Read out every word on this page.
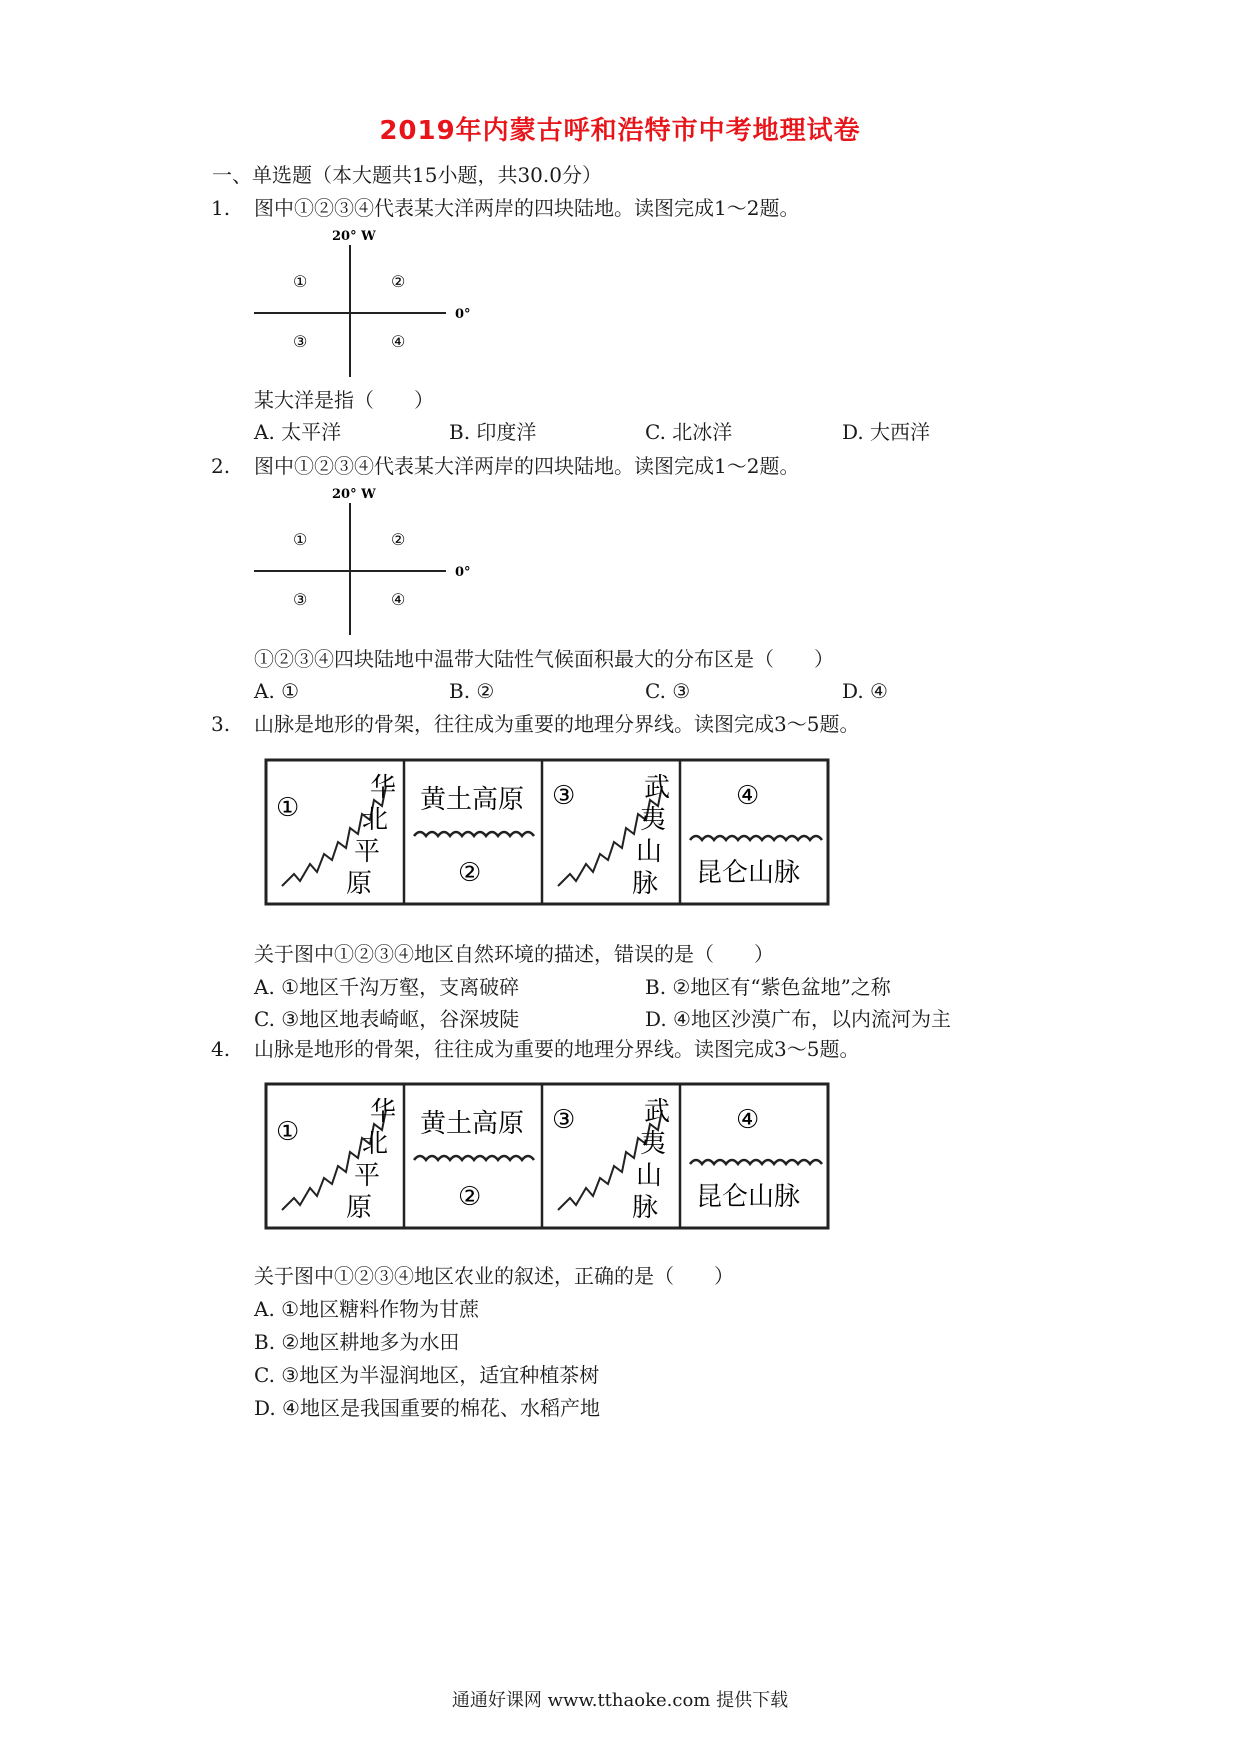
2019年内蒙古呼和浩特市中考地理试卷
一、单选题（本大题共15小题，共30.0分）
1. 图中①②③④代表某大洋两岸的四块陆地。读图完成1～2题。
20° W
0°
①	②
③	④
某大洋是指（　　）
A. 太平洋	B. 印度洋	C. 北冰洋	D. 大西洋
2. 图中①②③④代表某大洋两岸的四块陆地。读图完成1～2题。
20° W
0°
①	②
③	④
①②③④四块陆地中温带大陆性气候面积最大的分布区是（　　）
A. ①	B. ②	C. ③	D. ④
3. 山脉是地形的骨架，往往成为重要的地理分界线。读图完成3～5题。
①
华
北
平
原
黄土高原
②
③	武
夷
山
脉
④
昆仑山脉
关于图中①②③④地区自然环境的描述，错误的是（　　）
A. ①地区千沟万壑，支离破碎	B. ②地区有“紫色盆地”之称
C. ③地区地表崎岖，谷深坡陡	D. ④地区沙漠广布，以内流河为主
4. 山脉是地形的骨架，往往成为重要的地理分界线。读图完成3～5题。
①
华
北
平
原
黄土高原
②
③	武
夷
山
脉
④
昆仑山脉
关于图中①②③④地区农业的叙述，正确的是（　　）
A. ①地区糖料作物为甘蔗
B. ②地区耕地多为水田
C. ③地区为半湿润地区，适宜种植茶树
D. ④地区是我国重要的棉花、水稻产地
通通好课网 www.tthaoke.com 提供下载
